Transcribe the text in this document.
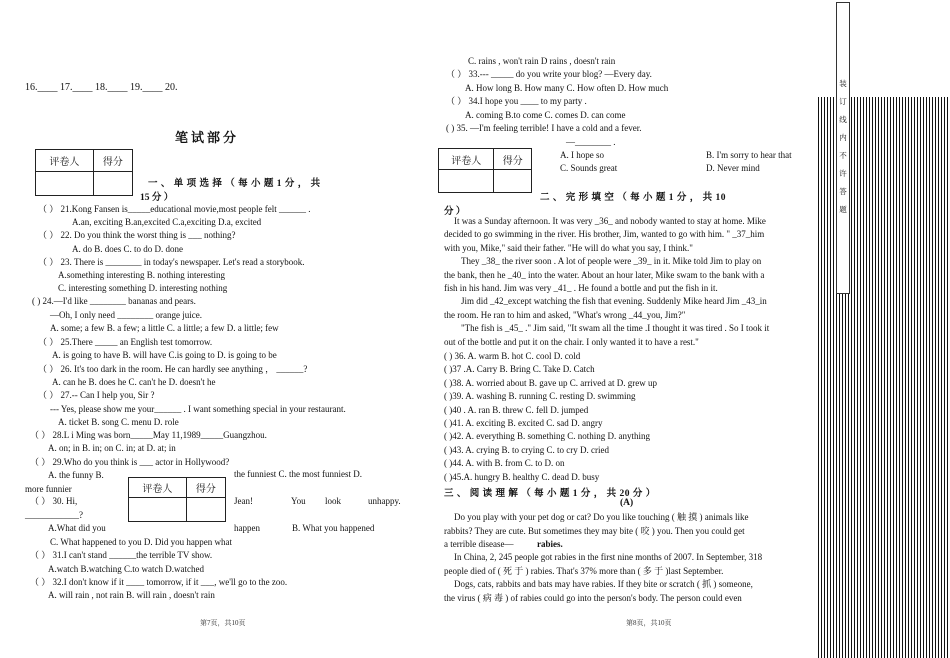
装订线内不许答题
16.____ 17.____ 18.____ 19.____ 20.
笔试部分
评卷人	得分

一 、 单 项 选 择 （ 每 小 题 1 分 ， 共
15 分 ）
（ ） 21.Kong Fansen is_____educational movie,most people felt ______ .
A.an, exciting B.an,excited C.a,exciting D.a, excited
（ ） 22. Do you think the worst thing is ___ nothing?
A. do B. does C. to do D. done
（ ） 23. There is ________ in today's newspaper. Let's read a storybook.
A.something interesting B. nothing interesting
C. interesting something D. interesting nothing
( ) 24.—I'd like ________ bananas and pears.
—Oh, I only need ________ orange juice.
A. some; a few B. a few; a little C. a little; a few D. a little; few
（ ） 25.There _____ an English test tomorrow.
A. is going to have B. will have C.is going to D. is going to be
（ ） 26. It's too dark in the room. He can hardly see anything ， ______?
A. can he B. does he C. can't he D. doesn't he
（ ） 27.-- Can I help you, Sir ?
--- Yes, please show me your______ . I want something special in your restaurant.
A. ticket B. song C. menu D. role
（ ） 28.L i Ming was born_____May 11,1989_____Guangzhou.
A. on; in B. in; on C. in; at D. at; in
（ ） 29.Who do you think is ___ actor in Hollywood?
A. the funny B.
more funnier
（ ） 30. Hi,
____________?
A.What did you
C. What happened to you D. Did you happen what
（ ） 31.I can't stand ______the terrible TV show.
A.watch B.watching C.to watch D.watched
（ ） 32.I don't know if it ____ tomorrow, if it ___, we'll go to the zoo.
A. will rain , not rain B. will rain , doesn't rain
the funniest C. the most funniest D.
Jean!	You look	unhappy.
happen	B. What you happened
评卷人	得分

第7页，共10页
C. rains , won't rain D rains , doesn't rain
（ ） 33.--- _____ do you write your blog? —Every day.
A. How long B. How many C. How often D. How much
（ ） 34.I hope you ____ to my party .
A. coming B.to come C. comes D. can come
( ) 35. —I'm feeling terrible! I have a cold and a fever.
—________ .
A. I hope so	B. I'm sorry to hear that
C. Sounds great	D. Never mind
评卷人	得分

二 、 完 形 填 空 （ 每 小 题 1 分 ， 共 10
分 ）
It was a Sunday afternoon. It was very _36_ and nobody wanted to stay at home. Mike
decided to go swimming in the river. His brother, Jim, wanted to go with him. " _37_him
with you, Mike," said their father. "He will do what you say, I think."
They _38_ the river soon . A lot of people were _39_ in it. Mike told Jim to play on
the bank, then he _40_ into the water. About an hour later, Mike swam to the bank with a
fish in his hand. Jim was very _41_ . He found a bottle and put the fish in it.
Jim did _42_except watching the fish that evening. Suddenly Mike heard Jim _43_in
the room. He ran to him and asked, "What's wrong _44_you, Jim?"
"The fish is _45_ ." Jim said, "It swam all the time .I thought it was tired . So I took it
out of the bottle and put it on the chair. I only wanted it to have a rest."
( ) 36. A. warm B. hot C. cool D. cold
( )37 .A. Carry B. Bring C. Take D. Catch
( )38. A. worried about B. gave up C. arrived at D. grew up
( )39. A. washing B. running C. resting D. swimming
( )40 . A. ran B. threw C. fell D. jumped
( )41. A. exciting B. excited C. sad D. angry
( )42. A. everything B. something C. nothing D. anything
( )43. A. crying B. to crying C. to cry D. cried
( )44. A. with B. from C. to D. on
( )45.A. hungry B. healthy C. dead D. busy
三 、 阅 读 理 解 （ 每 小 题 1 分 ， 共 20 分 ）
(A)
Do you play with your pet dog or cat? Do you like touching ( 触 摸 ) animals like
rabbits? They are cute. But sometimes they may bite ( 咬 ) you. Then you could get
a terrible disease—
In China, 2, 245 people got rabies in the first nine months of 2007. In September, 318
people died of ( 死 于 ) rabies. That's 37% more than ( 多 于 )last September.
Dogs, cats, rabbits and bats may have rabies. If they bite or scratch ( 抓 ) someone,
the virus ( 病 毒 ) of rabies could go into the person's body. The person could even
rabies.
第8页，共10页
